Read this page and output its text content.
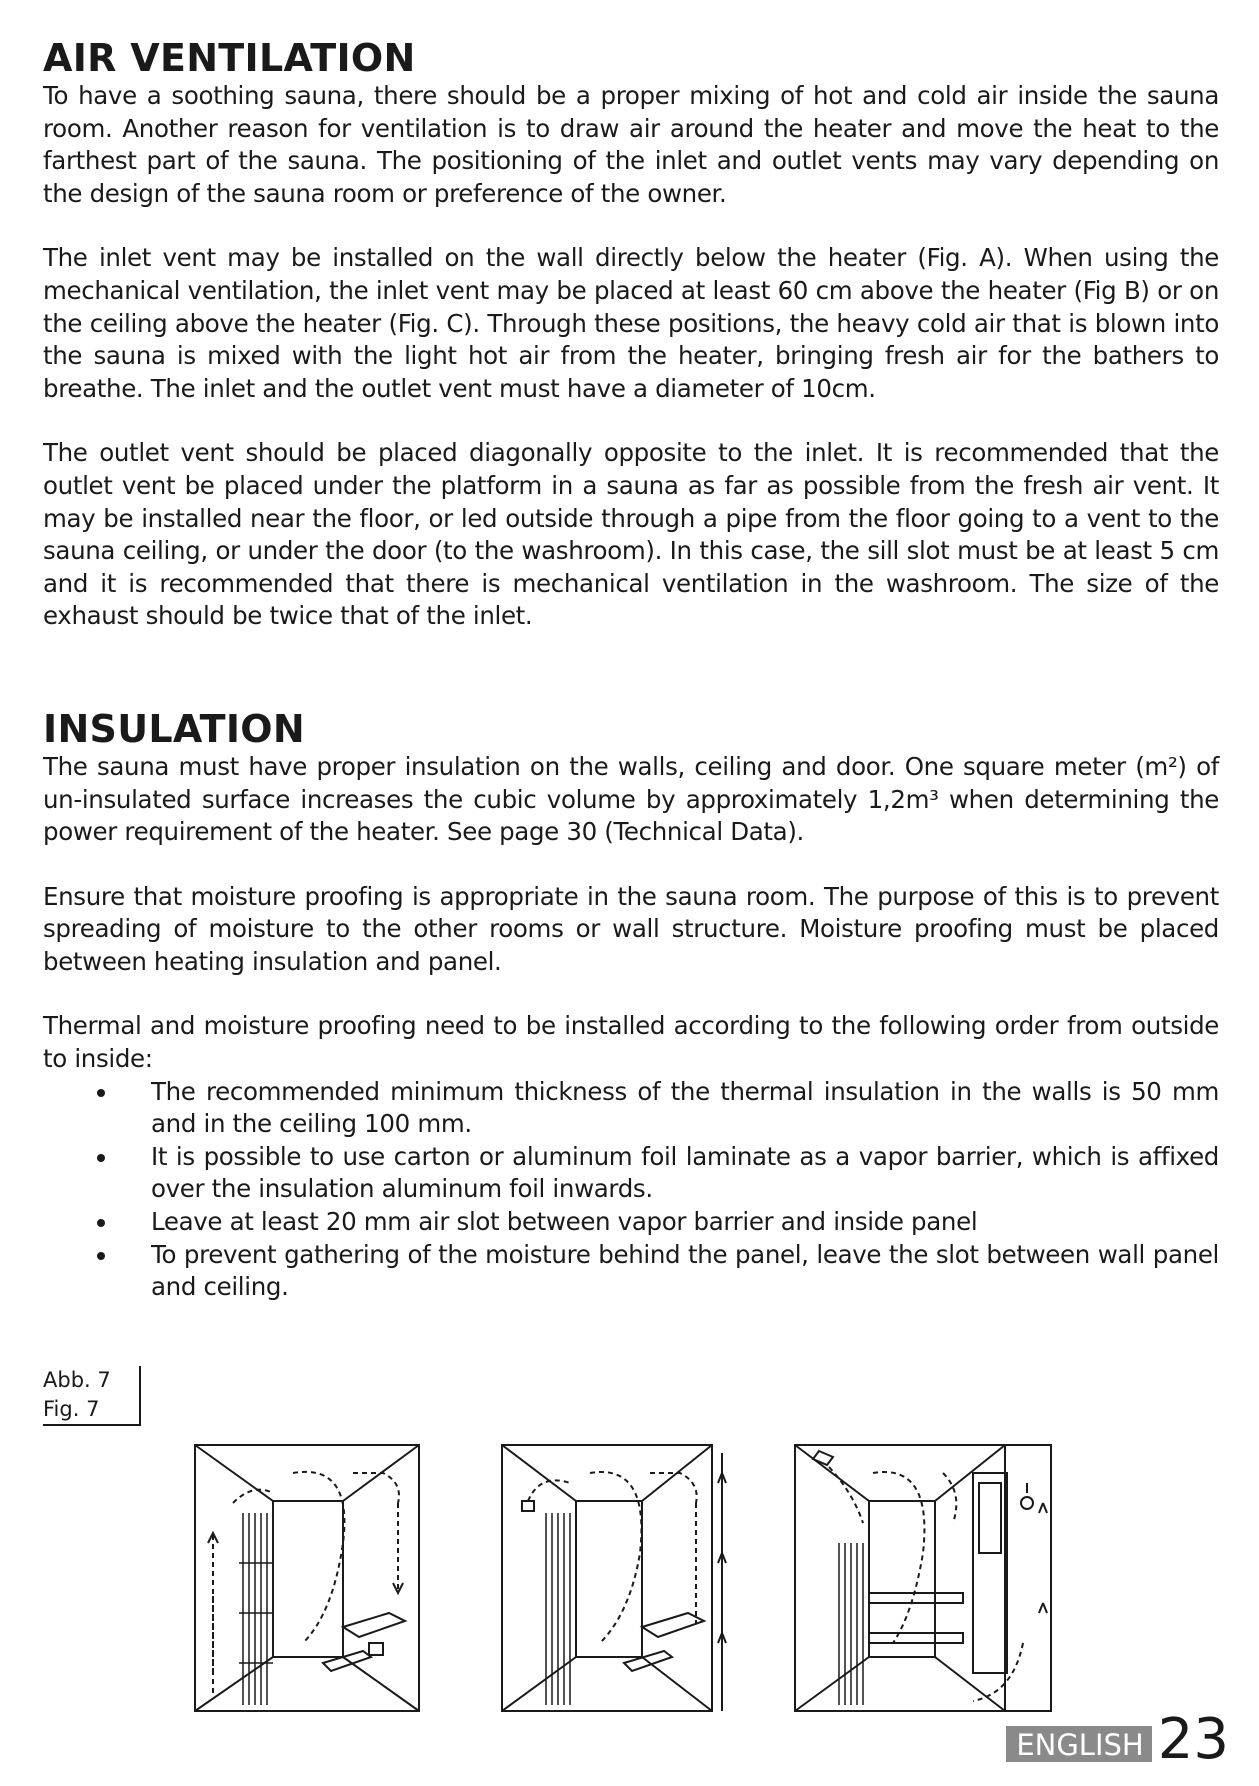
AIR VENTILATION

To have a soothing sauna, there should be a proper mixing of hot and cold air inside the sauna room. Another reason for ventilation is to draw air around the heater and move the heat to the farthest part of the sauna. The positioning of the inlet and outlet vents may vary depending on the design of the sauna room or preference of the owner.

The inlet vent may be installed on the wall directly below the heater (Fig. A). When using the mechanical ventilation, the inlet vent may be placed at least 60 cm above the heater (Fig B) or on the ceiling above the heater (Fig. C). Through these positions, the heavy cold air that is blown into the sauna is mixed with the light hot air from the heater, bringing fresh air for the bathers to breathe. The inlet and the outlet vent must have a diameter of 10cm.

The outlet vent should be placed diagonally opposite to the inlet. It is recommended that the outlet vent be placed under the platform in a sauna as far as possible from the fresh air vent. It may be installed near the floor, or led outside through a pipe from the floor going to a vent to the sauna ceiling, or under the door (to the washroom). In this case, the sill slot must be at least 5 cm and it is recommended that there is mechanical ventilation in the washroom. The size of the exhaust should be twice that of the inlet.

INSULATION

The sauna must have proper insulation on the walls, ceiling and door. One square meter (m²) of un-insulated surface increases the cubic volume by approximately 1,2m³ when determining the power requirement of the heater. See page 30 (Technical Data).

Ensure that moisture proofing is appropriate in the sauna room. The purpose of this is to prevent spreading of moisture to the other rooms or wall structure. Moisture proofing must be placed between heating insulation and panel.

Thermal and moisture proofing need to be installed according to the following order from outside to inside:

The recommended minimum thickness of the thermal insulation in the walls is 50 mm and in the ceiling 100 mm.
It is possible to use carton or aluminum foil laminate as a vapor barrier, which is affixed over the insulation aluminum foil inwards.
Leave at least 20 mm air slot between vapor barrier and inside panel
To prevent gathering of the moisture behind the panel, leave the slot between wall panel and ceiling.
Abb. 7
Fig. 7
ENGLISH 23
